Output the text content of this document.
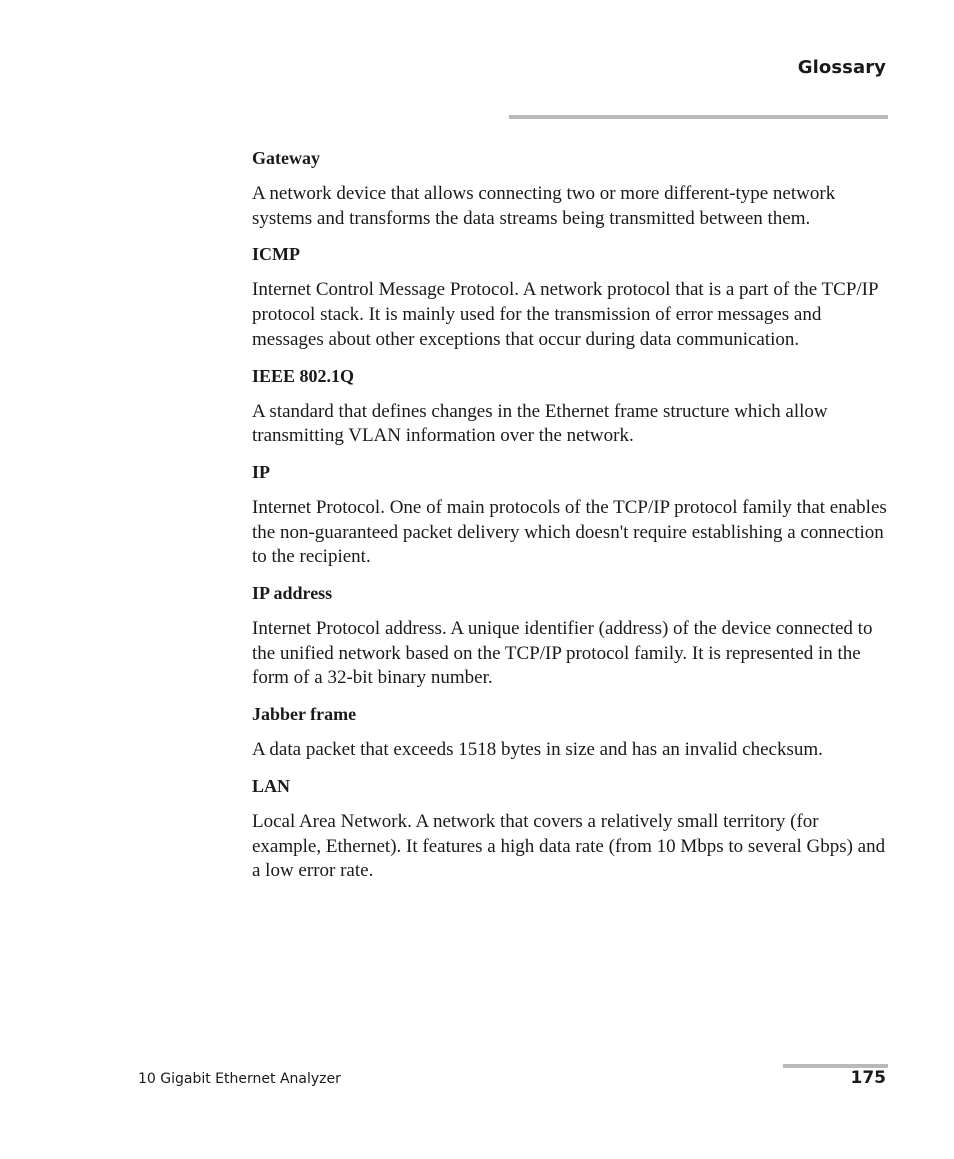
Glossary
Gateway
A network device that allows connecting two or more different-type network systems and transforms the data streams being transmitted between them.
ICMP
Internet Control Message Protocol. A network protocol that is a part of the TCP/IP protocol stack. It is mainly used for the transmission of error messages and messages about other exceptions that occur during data communication.
IEEE 802.1Q
A standard that defines changes in the Ethernet frame structure which allow transmitting VLAN information over the network.
IP
Internet Protocol. One of main protocols of the TCP/IP protocol family that enables the non-guaranteed packet delivery which doesn't require establishing a connection to the recipient.
IP address
Internet Protocol address. A unique identifier (address) of the device connected to the unified network based on the TCP/IP protocol family. It is represented in the form of a 32-bit binary number.
Jabber frame
A data packet that exceeds 1518 bytes in size and has an invalid checksum.
LAN
Local Area Network. A network that covers a relatively small territory (for example, Ethernet). It features a high data rate (from 10 Mbps to several Gbps) and a low error rate.
10 Gigabit Ethernet Analyzer	175
